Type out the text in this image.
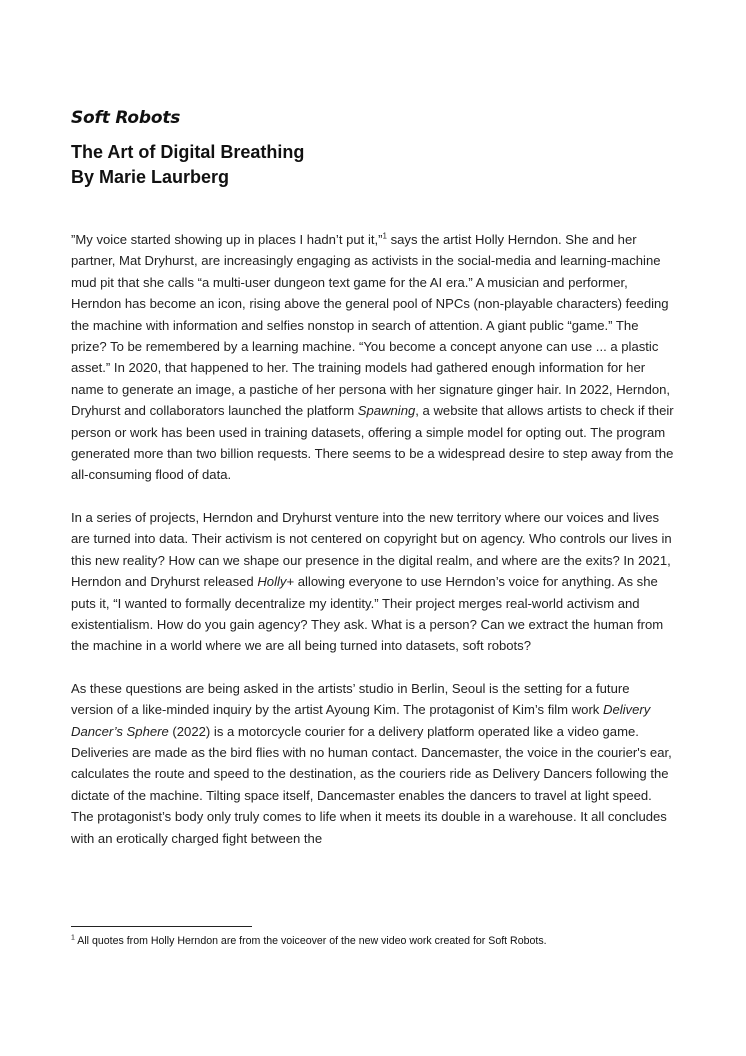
Soft Robots
The Art of Digital Breathing
By Marie Laurberg

”My voice started showing up in places I hadn’t put it,”$^1$ says the artist Holly Herndon. She and her partner, Mat Dryhurst, are increasingly engaging as activists in the social-media and learning-machine mud pit that she calls “a multi-user dungeon text game for the AI era.” A musician and performer, Herndon has become an icon, rising above the general pool of NPCs (non-playable characters) feeding the machine with information and selfies nonstop in search of attention. A giant public “game.” The prize? To be remembered by a learning machine. “You become a concept anyone can use ... a plastic asset.” In 2020, that happened to her. The training models had gathered enough information for her name to generate an image, a pastiche of her persona with her signature ginger hair. In 2022, Herndon, Dryhurst and collaborators launched the platform Spawning, a website that allows artists to check if their person or work has been used in training datasets, offering a simple model for opting out. The program generated more than two billion requests. There seems to be a widespread desire to step away from the all-consuming flood of data.

In a series of projects, Herndon and Dryhurst venture into the new territory where our voices and lives are turned into data. Their activism is not centered on copyright but on agency. Who controls our lives in this new reality? How can we shape our presence in the digital realm, and where are the exits? In 2021, Herndon and Dryhurst released Holly+ allowing everyone to use Herndon’s voice for anything. As she puts it, “I wanted to formally decentralize my identity.” Their project merges real-world activism and existentialism. How do you gain agency? They ask. What is a person? Can we extract the human from the machine in a world where we are all being turned into datasets, soft robots?

As these questions are being asked in the artists’ studio in Berlin, Seoul is the setting for a future version of a like-minded inquiry by the artist Ayoung Kim. The protagonist of Kim’s film work Delivery Dancer’s Sphere (2022) is a motorcycle courier for a delivery platform operated like a video game. Deliveries are made as the bird flies with no human contact. Dancemaster, the voice in the courier's ear, calculates the route and speed to the destination, as the couriers ride as Delivery Dancers following the dictate of the machine. Tilting space itself, Dancemaster enables the dancers to travel at light speed. The protagonist’s body only truly comes to life when it meets its double in a warehouse. It all concludes with an erotically charged fight between the

$^1$ All quotes from Holly Herndon are from the voiceover of the new video work created for Soft Robots.
